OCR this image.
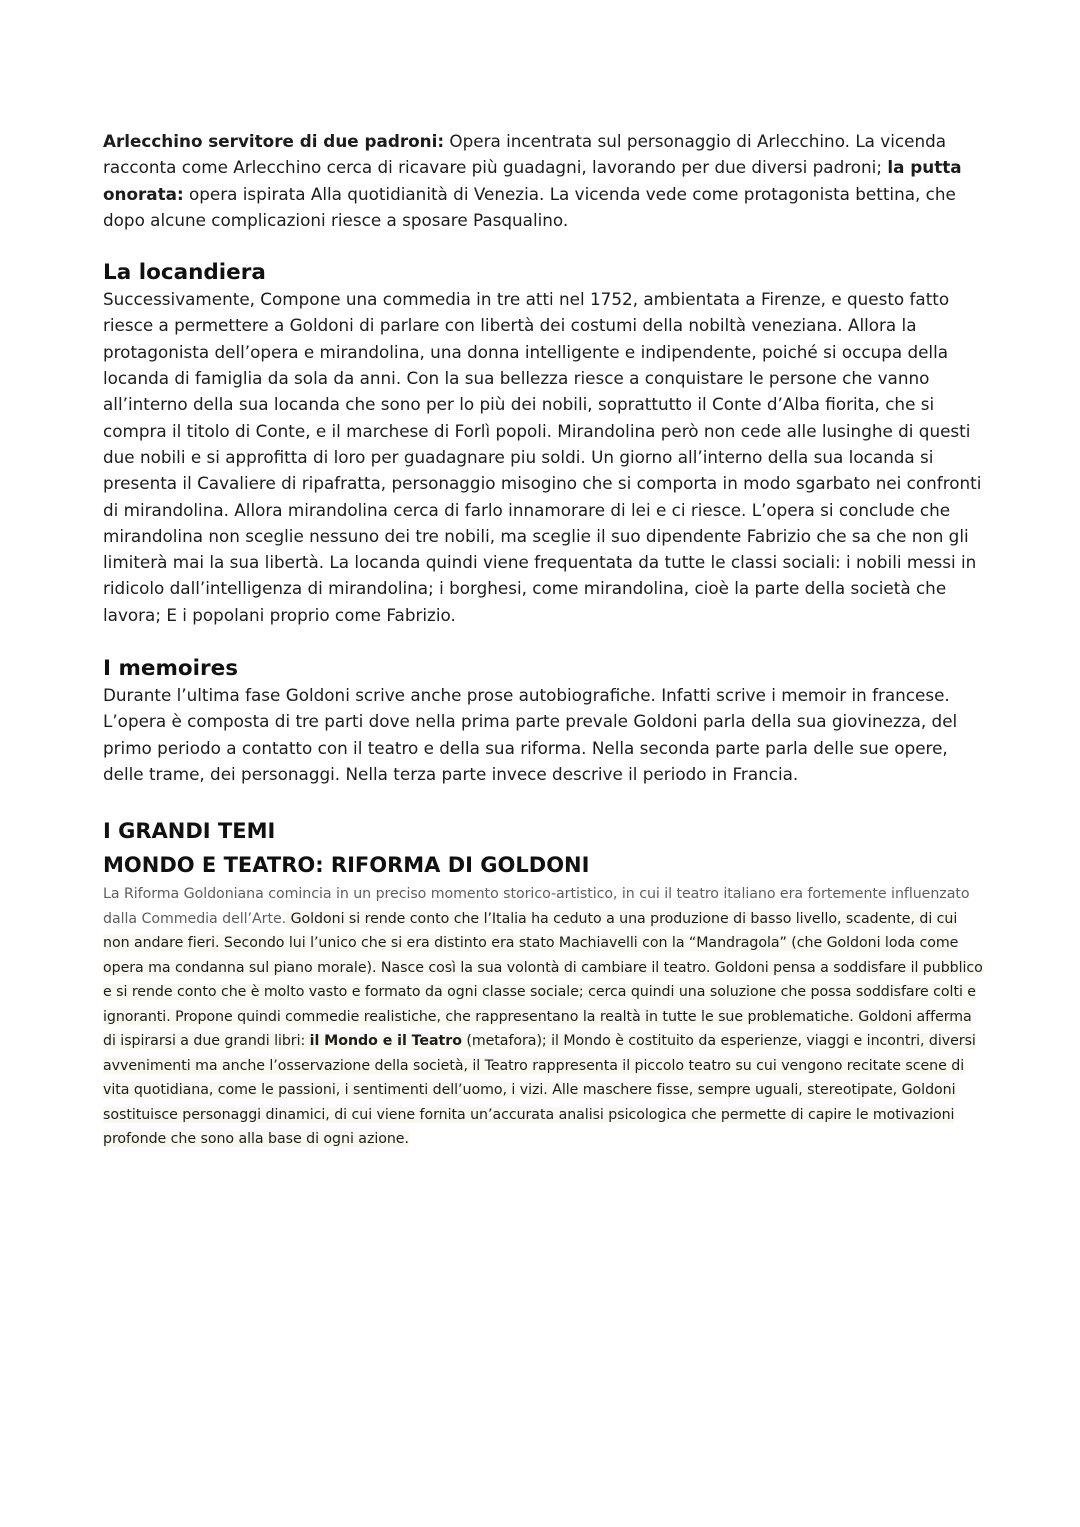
Arlecchino servitore di due padroni: Opera incentrata sul personaggio di Arlecchino. La vicenda racconta come Arlecchino cerca di ricavare più guadagni, lavorando per due diversi padroni; la putta onorata: opera ispirata Alla quotidianità di Venezia. La vicenda vede come protagonista bettina, che dopo alcune complicazioni riesce a sposare Pasqualino.

La locandiera

Successivamente, Compone una commedia in tre atti nel 1752, ambientata a Firenze, e questo fatto riesce a permettere a Goldoni di parlare con libertà dei costumi della nobiltà veneziana. Allora la protagonista dell’opera e mirandolina, una donna intelligente e indipendente, poiché si occupa della locanda di famiglia da sola da anni. Con la sua bellezza riesce a conquistare le persone che vanno all’interno della sua locanda che sono per lo più dei nobili, soprattutto il Conte d’Alba fiorita, che si compra il titolo di Conte, e il marchese di Forlì popoli. Mirandolina però non cede alle lusinghe di questi due nobili e si approfitta di loro per guadagnare piu soldi. Un giorno all’interno della sua locanda si presenta il Cavaliere di ripafratta, personaggio misogino che si comporta in modo sgarbato nei confronti di mirandolina. Allora mirandolina cerca di farlo innamorare di lei e ci riesce. L’opera si conclude che mirandolina non sceglie nessuno dei tre nobili, ma sceglie il suo dipendente Fabrizio che sa che non gli limiterà mai la sua libertà. La locanda quindi viene frequentata da tutte le classi sociali: i nobili messi in ridicolo dall’intelligenza di mirandolina; i borghesi, come mirandolina, cioè la parte della società che lavora; E i popolani proprio come Fabrizio.

I memoires

Durante l’ultima fase Goldoni scrive anche prose autobiografiche. Infatti scrive i memoir in francese. L’opera è composta di tre parti dove nella prima parte prevale Goldoni parla della sua giovinezza, del primo periodo a contatto con il teatro e della sua riforma. Nella seconda parte parla delle sue opere, delle trame, dei personaggi. Nella terza parte invece descrive il periodo in Francia.

I GRANDI TEMI
MONDO E TEATRO: RIFORMA DI GOLDONI

La Riforma Goldoniana comincia in un preciso momento storico-artistico, in cui il teatro italiano era fortemente influenzato dalla Commedia dell’Arte. Goldoni si rende conto che l’Italia ha ceduto a una produzione di basso livello, scadente, di cui non andare fieri. Secondo lui l’unico che si era distinto era stato Machiavelli con la “Mandragola” (che Goldoni loda come opera ma condanna sul piano morale). Nasce così la sua volontà di cambiare il teatro. Goldoni pensa a soddisfare il pubblico e si rende conto che è molto vasto e formato da ogni classe sociale; cerca quindi una soluzione che possa soddisfare colti e ignoranti. Propone quindi commedie realistiche, che rappresentano la realtà in tutte le sue problematiche. Goldoni afferma di ispirarsi a due grandi libri: il Mondo e il Teatro (metafora); il Mondo è costituito da esperienze, viaggi e incontri, diversi avvenimenti ma anche l’osservazione della società, il Teatro rappresenta il piccolo teatro su cui vengono recitate scene di vita quotidiana, come le passioni, i sentimenti dell’uomo, i vizi. Alle maschere fisse, sempre uguali, stereotipate, Goldoni sostituisce personaggi dinamici, di cui viene fornita un’accurata analisi psicologica che permette di capire le motivazioni profonde che sono alla base di ogni azione.
